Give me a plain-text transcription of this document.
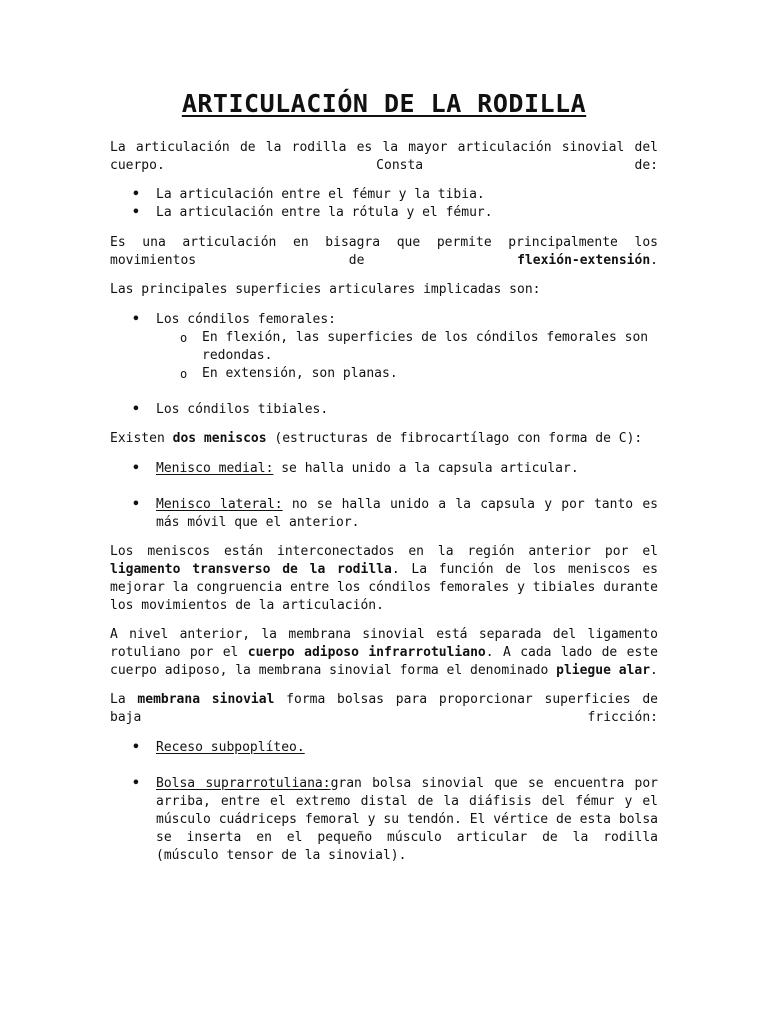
ARTICULACIÓN DE LA RODILLA

La articulación de la rodilla es la mayor articulación sinovial del cuerpo. Consta de:

• La articulación entre el fémur y la tibia.
• La articulación entre la rótula y el fémur.

Es una articulación en bisagra que permite principalmente los movimientos de flexión-extensión.

Las principales superficies articulares implicadas son:

• Los cóndilos femorales:
o En flexión, las superficies de los cóndilos femorales son redondas.
o En extensión, son planas.
• Los cóndilos tibiales.

Existen dos meniscos (estructuras de fibrocartílago con forma de C):

• Menisco medial: se halla unido a la capsula articular.
• Menisco lateral: no se halla unido a la capsula y por tanto es más móvil que el anterior.

Los meniscos están interconectados en la región anterior por el ligamento transverso de la rodilla. La función de los meniscos es mejorar la congruencia entre los cóndilos femorales y tibiales durante los movimientos de la articulación.

A nivel anterior, la membrana sinovial está separada del ligamento rotuliano por el cuerpo adiposo infrarrotuliano. A cada lado de este cuerpo adiposo, la membrana sinovial forma el denominado pliegue alar.

La membrana sinovial forma bolsas para proporcionar superficies de baja fricción:

• Receso subpoplíteo.
• Bolsa suprarrotuliana:gran bolsa sinovial que se encuentra por arriba, entre el extremo distal de la diáfisis del fémur y el músculo cuádriceps femoral y su tendón. El vértice de esta bolsa se inserta en el pequeño músculo articular de la rodilla (músculo tensor de la sinovial).
